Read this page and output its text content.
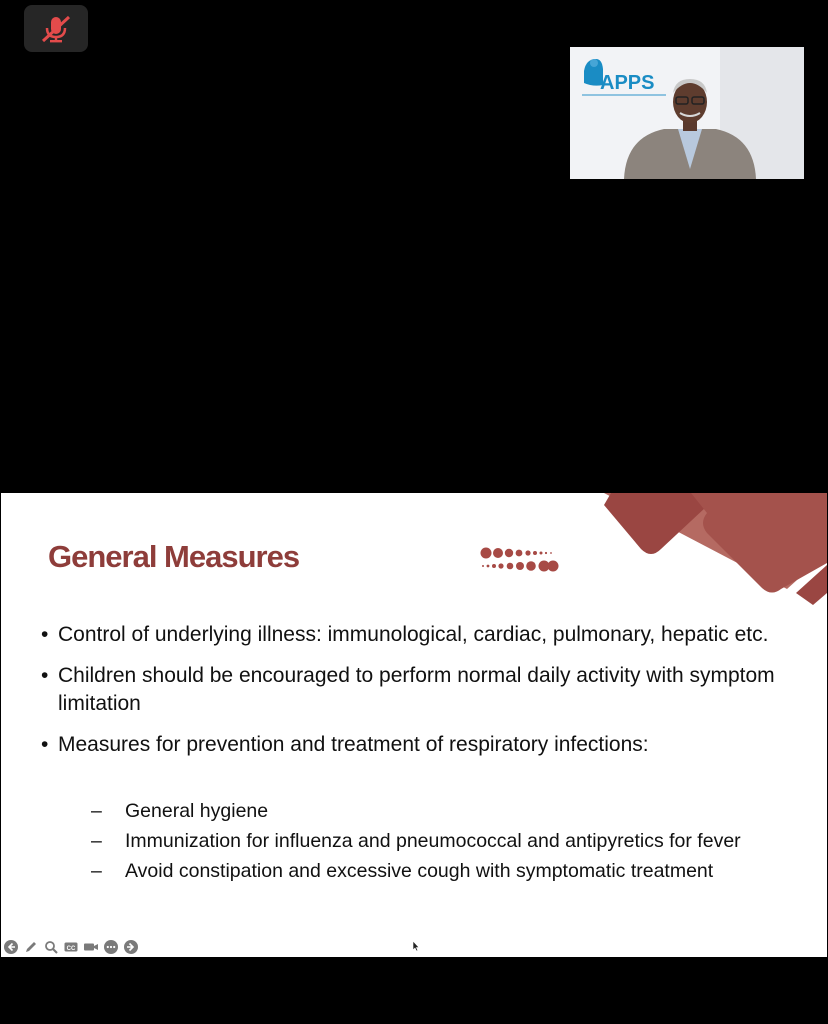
APPS
General Measures
• Control of underlying illness: immunological, cardiac, pulmonary, hepatic etc.
• Children should be encouraged to perform normal daily activity with symptom limitation
• Measures for prevention and treatment of respiratory infections:
– General hygiene
– Immunization for influenza and pneumococcal and antipyretics for fever
– Avoid constipation and excessive cough with symptomatic treatment
CC
